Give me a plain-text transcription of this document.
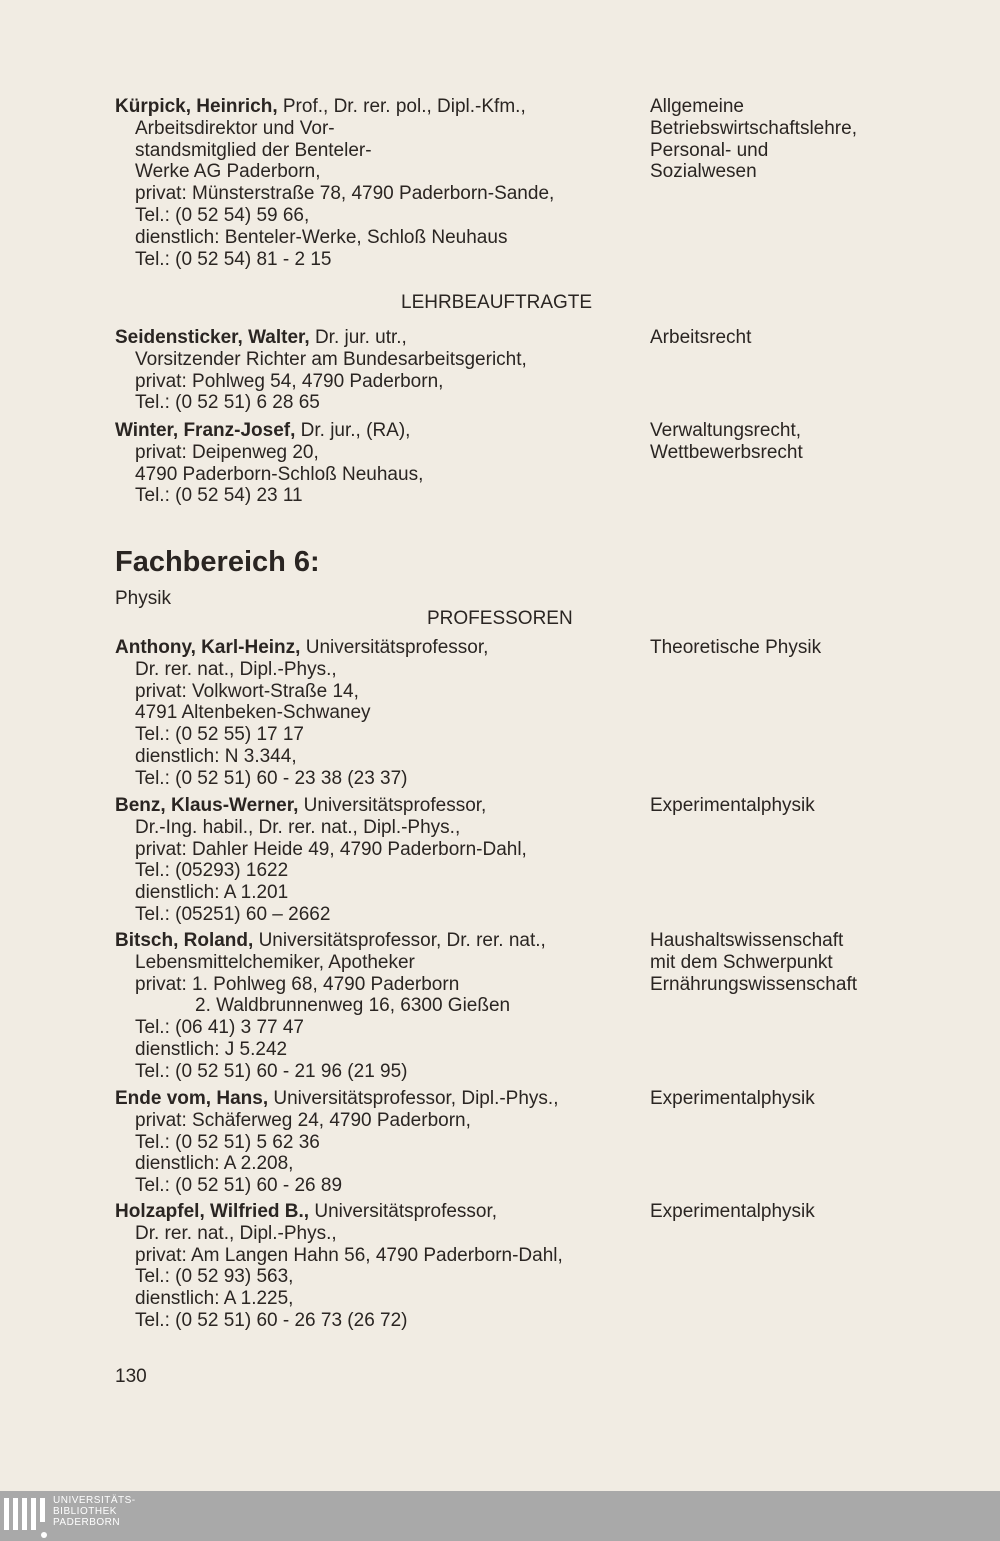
Kürpick, Heinrich, Prof., Dr. rer. pol., Dipl.-Kfm.,
Arbeitsdirektor und Vor-
standsmitglied der Benteler-
Werke AG Paderborn,
privat: Münsterstraße 78, 4790 Paderborn-Sande,
Tel.: (0 52 54) 59 66,
dienstlich: Benteler-Werke, Schloß Neuhaus
Tel.: (0 52 54) 81 - 2 15
Allgemeine
Betriebswirtschaftslehre,
Personal- und
Sozialwesen
LEHRBEAUFTRAGTE
Seidensticker, Walter, Dr. jur. utr.,
Vorsitzender Richter am Bundesarbeitsgericht,
privat: Pohlweg 54, 4790 Paderborn,
Tel.: (0 52 51) 6 28 65
Arbeitsrecht
Winter, Franz-Josef, Dr. jur., (RA),
privat: Deipenweg 20,
4790 Paderborn-Schloß Neuhaus,
Tel.: (0 52 54) 23 11
Verwaltungsrecht,
Wettbewerbsrecht
Fachbereich 6:
Physik
PROFESSOREN
Anthony, Karl-Heinz, Universitätsprofessor,
Dr. rer. nat., Dipl.-Phys.,
privat: Volkwort-Straße 14,
4791 Altenbeken-Schwaney
Tel.: (0 52 55) 17 17
dienstlich: N 3.344,
Tel.: (0 52 51) 60 - 23 38 (23 37)
Theoretische Physik
Benz, Klaus-Werner, Universitätsprofessor,
Dr.-Ing. habil., Dr. rer. nat., Dipl.-Phys.,
privat: Dahler Heide 49, 4790 Paderborn-Dahl,
Tel.: (05293) 1622
dienstlich: A 1.201
Tel.: (05251) 60 – 2662
Experimentalphysik
Bitsch, Roland, Universitätsprofessor, Dr. rer. nat.,
Lebensmittelchemiker, Apotheker
privat: 1. Pohlweg 68, 4790 Paderborn
2. Waldbrunnenweg 16, 6300 Gießen
Tel.: (06 41) 3 77 47
dienstlich: J 5.242
Tel.: (0 52 51) 60 - 21 96 (21 95)
Haushaltswissenschaft
mit dem Schwerpunkt
Ernährungswissenschaft
Ende vom, Hans, Universitätsprofessor, Dipl.-Phys.,
privat: Schäferweg 24, 4790 Paderborn,
Tel.: (0 52 51) 5 62 36
dienstlich: A 2.208,
Tel.: (0 52 51) 60 - 26 89
Experimentalphysik
Holzapfel, Wilfried B., Universitätsprofessor,
Dr. rer. nat., Dipl.-Phys.,
privat: Am Langen Hahn 56, 4790 Paderborn-Dahl,
Tel.: (0 52 93) 563,
dienstlich: A 1.225,
Tel.: (0 52 51) 60 - 26 73 (26 72)
Experimentalphysik
130
UNIVERSITÄTS-
BIBLIOTHEK
PADERBORN
